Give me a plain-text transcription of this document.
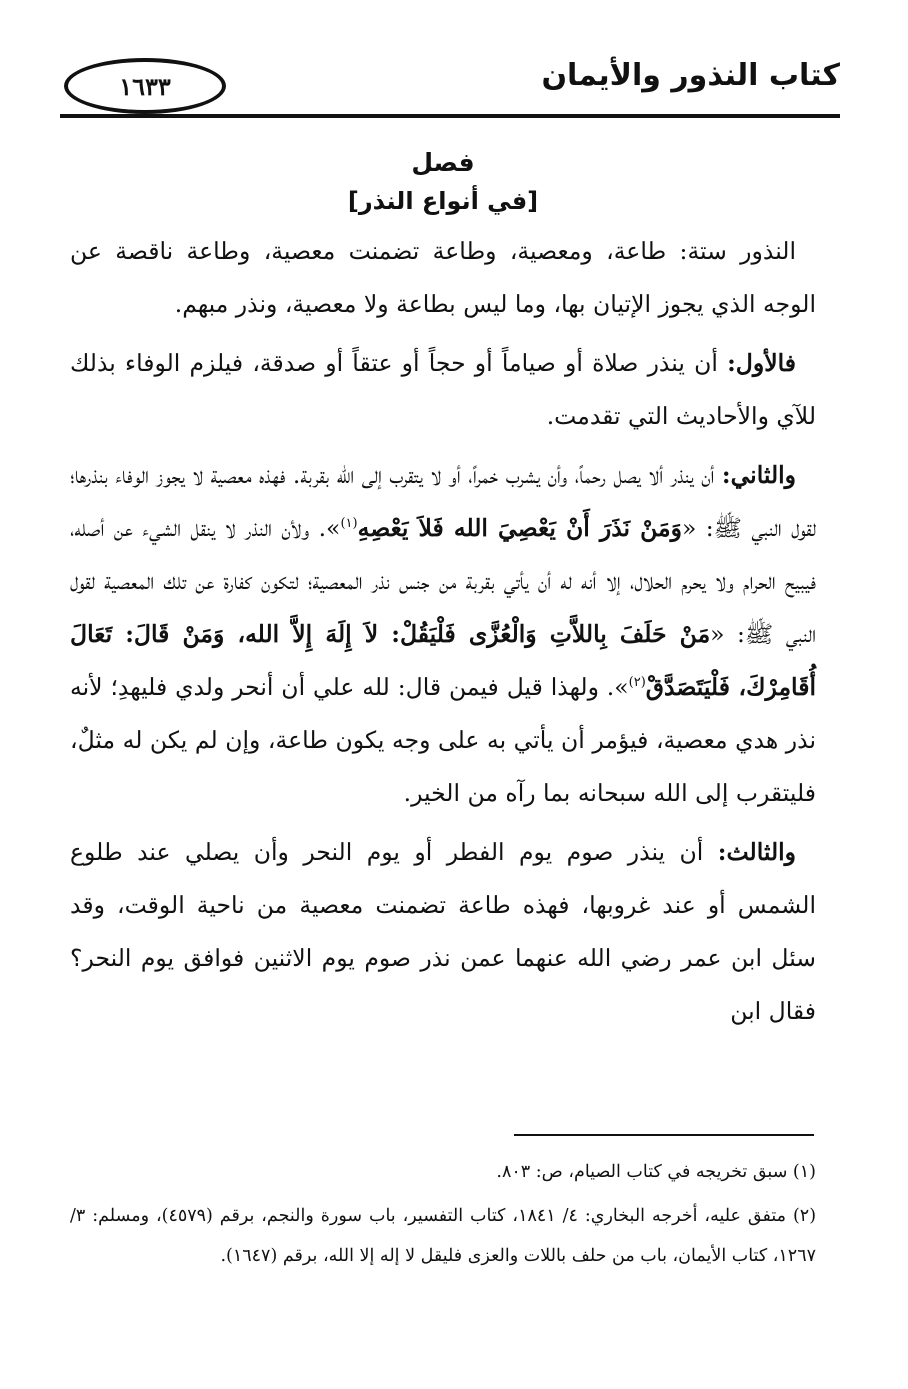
كتاب النذور والأيمان
١٦٣٣
فصل
[في أنواع النذر]

النذور ستة: طاعة، ومعصية، وطاعة تضمنت معصية، وطاعة ناقصة عن الوجه الذي يجوز الإتيان بها، وما ليس بطاعة ولا معصية، ونذر مبهم.

فالأول: أن ينذر صلاة أو صياماً أو حجاً أو عتقاً أو صدقة، فيلزم الوفاء بذلك للآي والأحاديث التي تقدمت.

والثاني: أن ينذر ألا يصل رحماً، وأن يشرب خمراً، أو لا يتقرب إلى الله بقربة. فهذه معصية لا يجوز الوفاء بنذرها؛ لقول النبي ﷺ: «وَمَنْ نَذَرَ أَنْ يَعْصِيَ الله فَلاَ يَعْصِهِ$^{(١)}$». ولأن النذر لا ينقل الشيء عن أصله، فيبيح الحرام ولا يحرم الحلال، إلا أنه له أن يأتي بقربة من جنس نذر المعصية؛ لتكون كفارة عن تلك المعصية لقول النبي ﷺ: «مَنْ حَلَفَ بِاللاَّتِ وَالْعُزَّى فَلْيَقُلْ: لاَ إِلَهَ إِلاَّ الله، وَمَنْ قَالَ: تَعَالَ أُقَامِرْكَ، فَلْيَتَصَدَّقْ$^{(٢)}$». ولهذا قيل فيمن قال: لله علي أن أنحر ولدي فليهدِ؛ لأنه نذر هدي معصية، فيؤمر أن يأتي به على وجه يكون طاعة، وإن لم يكن له مثلٌ، فليتقرب إلى الله سبحانه بما رآه من الخير.

والثالث: أن ينذر صوم يوم الفطر أو يوم النحر وأن يصلي عند طلوع الشمس أو عند غروبها، فهذه طاعة تضمنت معصية من ناحية الوقت، وقد سئل ابن عمر رضي الله عنهما عمن نذر صوم يوم الاثنين فوافق يوم النحر؟ فقال ابن

(١) سبق تخريجه في كتاب الصيام، ص: ٨٠٣.

(٢) متفق عليه، أخرجه البخاري: ٤/ ١٨٤١، كتاب التفسير، باب سورة والنجم، برقم (٤٥٧٩)، ومسلم: ٣/ ١٢٦٧، كتاب الأيمان، باب من حلف باللات والعزى فليقل لا إله إلا الله، برقم (١٦٤٧).
